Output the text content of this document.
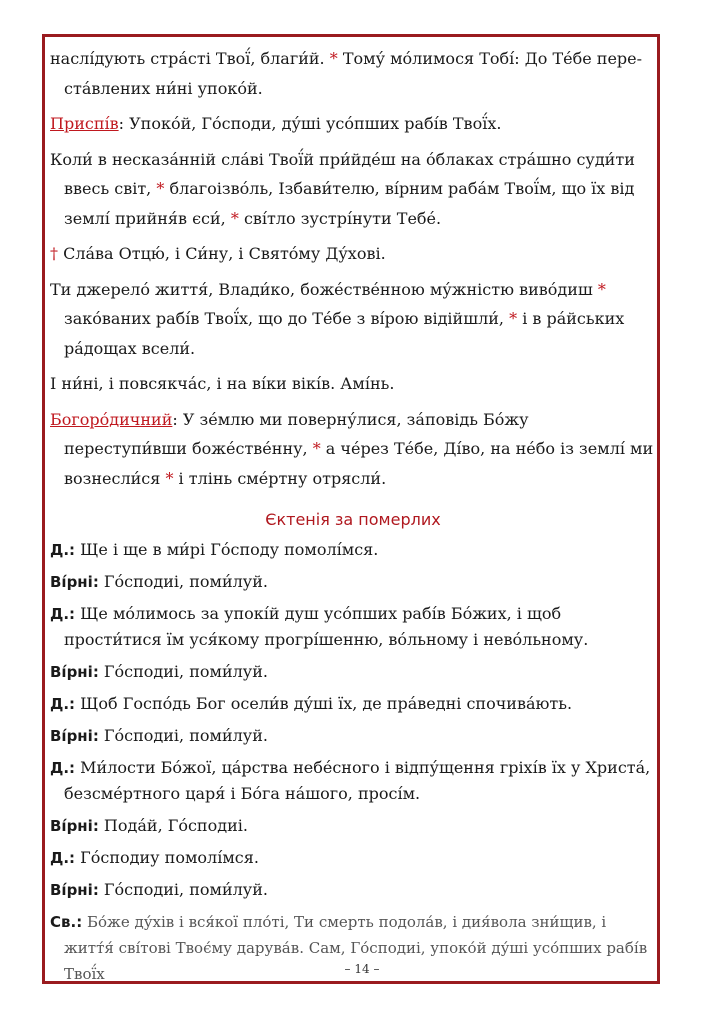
наслі́дують стра́сті Твої́, благи́й. * Тому́ мо́лимося Тобі́: До Те́бе пере- ста́влених ни́ні упоко́й.

Приспі́в: Упоко́й, Го́споди, ду́ші усо́пших рабі́в Твої́х.

Коли́ в несказа́нній сла́ві Твої́й при́йде́ш на о́блаках стра́шно суди́ти ввесь світ, * благоізво́ль, Ізбави́телю, ві́рним раба́м Твої́м, що їх від землі́ прийня́в єси́, * сві́тло зустрі́нути Тебе́.

† Сла́ва Отцю́, і Си́ну, і Свято́му Ду́хові.

Ти джерело́ життя́, Влади́ко, боже́стве́нною му́жністю виво́диш * зако́ваних рабі́в Твої́х, що до Те́бе з ві́рою відійшли́, * і в ра́йських ра́дощах всели́.

І ни́ні, і повсякча́с, і на ві́ки вікі́в. Амі́нь.

Богоро́дичний: У зе́млю ми поверну́лися, за́повідь Бо́жу переступи́вши боже́стве́нну, * а че́рез Те́бе, Ді́во, на не́бо із землі́ ми вознесли́ся * і тлінь сме́ртну отрясли́.

Єктенія за померлих

Д.: Ще і ще в ми́рі Го́споду помолі́мся.

Ві́рні: Го́сподиі, поми́луй.

Д.: Ще мо́лимось за упокі́й душ усо́пших рабі́в Бо́жих, і щоб прости́тися їм уся́кому прогрі́шенню, во́льному і нево́льному.

Ві́рні: Го́сподиі, поми́луй.

Д.: Щоб Госпо́дь Бог осели́в ду́ші їх, де пра́ведні спочива́ють.

Ві́рні: Го́сподиі, поми́луй.

Д.: Ми́лости Бо́жої, ца́рства небе́сного і відпу́щення гріхі́в їх у Христа́, безсме́ртного царя́ і Бо́га на́шого, просі́м.

Ві́рні: Пода́й, Го́сподиі.

Д.: Го́сподиу помолі́мся.

Ві́рні: Го́сподиі, поми́луй.

Св.: Бо́же ду́хів і вся́кої пло́ті, Ти смерть подола́в, і дия́вола зни́щив, і житт́я́ сві́тові Твоє́му дарува́в. Сам, Го́сподиі, упоко́й ду́ші усо́пших рабі́в Твої́х	– 14 –
